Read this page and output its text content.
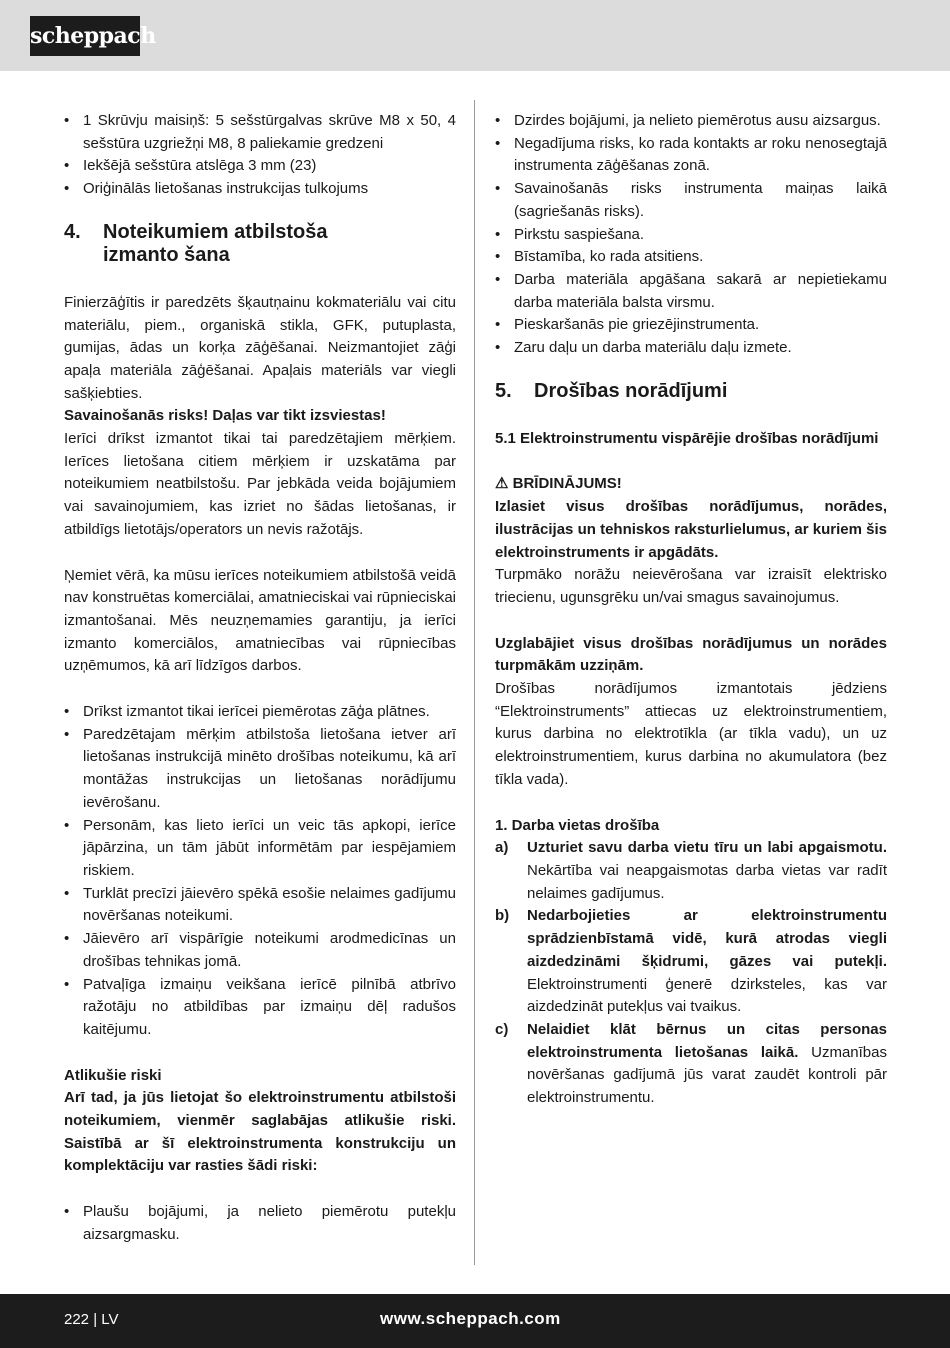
scheppach
• 1 Skrūvju maisiņš: 5 sešstūrgalvas skrūve M8 x 50, 4 sešstūra uzgriežņi M8, 8 paliekamie gredzeni
• Iekšējā sešstūra atslēga 3 mm (23)
• Oriģinālās lietošanas instrukcijas tulkojums
4.	Noteikumiem atbilstoša izmanto šana

Finierzāģītis ir paredzēts šķautņainu kokmateriālu vai citu materiālu, piem., organiskā stikla, GFK, putuplasta, gumijas, ādas un korķa zāģēšanai. Neizmantojiet zāģi apaļa materiāla zāģēšanai. Apaļais materiāls var viegli sašķiebties.

Savainošanās risks! Daļas var tikt izsviestas!

Ierīci drīkst izmantot tikai tai paredzētajiem mērķiem. Ierīces lietošana citiem mērķiem ir uzskatāma par noteikumiem neatbilstošu. Par jebkāda veida bojājumiem vai savainojumiem, kas izriet no šādas lietošanas, ir atbildīgs lietotājs/operators un nevis ražotājs.

Ņemiet vērā, ka mūsu ierīces noteikumiem atbilstošā veidā nav konstruētas komerciālai, amatnieciskai vai rūpnieciskai izmantošanai. Mēs neuzņemamies garantiju, ja ierīci izmanto komerciālos, amatniecības vai rūpniecības uzņēmumos, kā arī līdzīgos darbos.

• Drīkst izmantot tikai ierīcei piemērotas zāģa plātnes.
• Paredzētajam mērķim atbilstoša lietošana ietver arī lietošanas instrukcijā minēto drošības noteikumu, kā arī montāžas instrukcijas un lietošanas norādījumu ievērošanu.
• Personām, kas lieto ierīci un veic tās apkopi, ierīce jāpārzina, un tām jābūt informētām par iespējamiem riskiem.
• Turklāt precīzi jāievēro spēkā esošie nelaimes gadījumu novēršanas noteikumi.
• Jāievēro arī vispārīgie noteikumi arodmedicīnas un drošības tehnikas jomā.
• Patvaļīga izmaiņu veikšana ierīcē pilnībā atbrīvo ražotāju no atbildības par izmaiņu dēļ radušos kaitējumu.
Atlikušie riski

Arī tad, ja jūs lietojat šo elektroinstrumentu atbilstoši noteikumiem, vienmēr saglabājas atlikušie riski. Saistībā ar šī elektroinstrumenta konstrukciju un komplektāciju var rasties šādi riski:

• Plaušu bojājumi, ja nelieto piemērotu putekļu aizsargmasku.
• Dzirdes bojājumi, ja nelieto piemērotus ausu aizsargus.
• Negadījuma risks, ko rada kontakts ar roku nenosegtajā instrumenta zāģēšanas zonā.
• Savainošanās risks instrumenta maiņas laikā (sagriešanās risks).
• Pirkstu saspiešana.
• Bīstamība, ko rada atsitiens.
• Darba materiāla apgāšana sakarā ar nepietiekamu darba materiāla balsta virsmu.
• Pieskaršanās pie griezējinstrumenta.
• Zaru daļu un darba materiālu daļu izmete.
5.	Drošības norādījumi
5.1 Elektroinstrumentu vispārējie drošības norādījumi

⚠ BRĪDINĀJUMS!

Izlasiet visus drošības norādījumus, norādes, ilustrācijas un tehniskos raksturlielumus, ar kuriem šis elektroinstruments ir apgādāts.

Turpmāko norāžu neievērošana var izraisīt elektrisko triecienu, ugunsgrēku un/vai smagus savainojumus.

Uzglabājiet visus drošības norādījumus un norādes turpmākām uzziņām.

Drošības norādījumos izmantotais jēdziens “Elektroinstruments” attiecas uz elektroinstrumentiem, kurus darbina no elektrotīkla (ar tīkla vadu), un uz elektroinstrumentiem, kurus darbina no akumulatora (bez tīkla vada).

1. Darba vietas drošība
a)	Uzturiet savu darba vietu tīru un labi apgaismotu. Nekārtība vai neapgaismotas darba vietas var radīt nelaimes gadījumus.
b)	Nedarbojieties ar elektroinstrumentu sprādzienbīstamā vidē, kurā atrodas viegli aizdedzināmi šķidrumi, gāzes vai putekļi. Elektroinstrumenti ģenerē dzirksteles, kas var aizdedzināt putekļus vai tvaikus.
c)	Nelaidiet klāt bērnus un citas personas elektroinstrumenta lietošanas laikā. Uzmanības novēršanas gadījumā jūs varat zaudēt kontroli pār elektroinstrumentu.
222 | LV	www.scheppach.com
